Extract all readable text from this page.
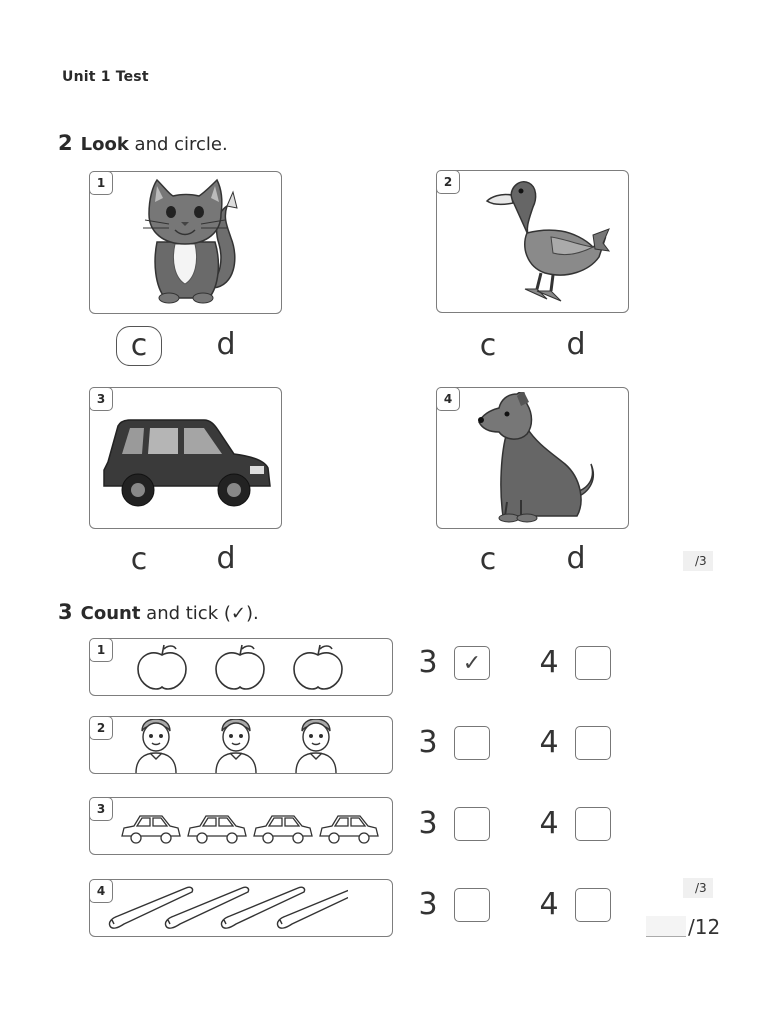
Unit 1 Test
2 Look and circle.
1
c	d
2
c d
3
c d
4
c d	/3
3 Count and tick (✓).
1	3 ✓ 4
2	3	4
3	3	4
4	3	4	/3
/12
